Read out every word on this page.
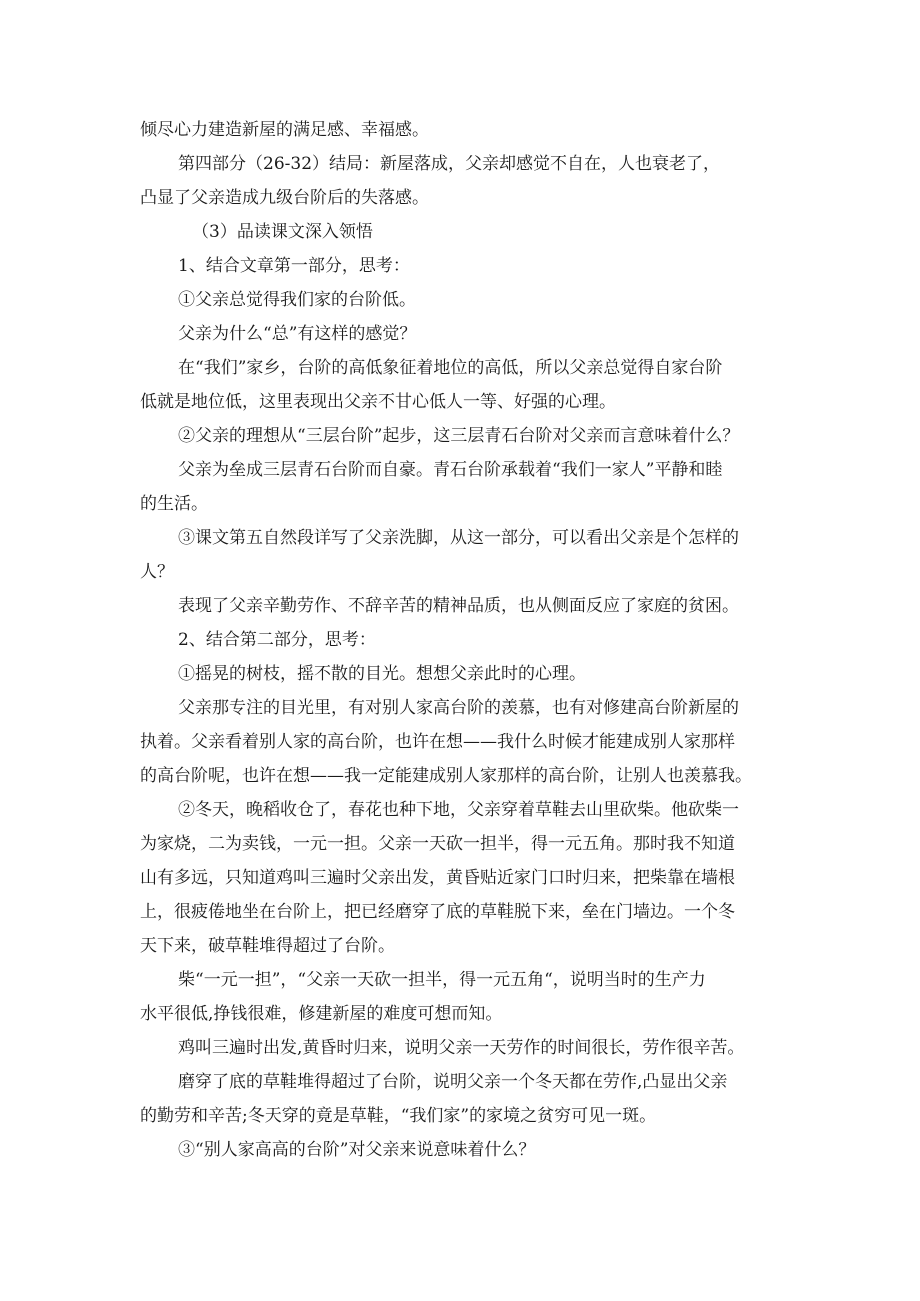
倾尽心力建造新屋的满足感、幸福感。
第四部分（26-32）结局：新屋落成，父亲却感觉不自在，人也衰老了，
凸显了父亲造成九级台阶后的失落感。
（3）品读课文深入领悟
1、结合文章第一部分，思考：
①父亲总觉得我们家的台阶低。
父亲为什么“总”有这样的感觉？
在“我们”家乡，台阶的高低象征着地位的高低，所以父亲总觉得自家台阶
低就是地位低，这里表现出父亲不甘心低人一等、好强的心理。
②父亲的理想从“三层台阶”起步，这三层青石台阶对父亲而言意味着什么？
父亲为垒成三层青石台阶而自豪。青石台阶承载着“我们一家人”平静和睦
的生活。
③课文第五自然段详写了父亲洗脚，从这一部分，可以看出父亲是个怎样的
人？
表现了父亲辛勤劳作、不辞辛苦的精神品质，也从侧面反应了家庭的贫困。
2、结合第二部分，思考：
①摇晃的树枝，摇不散的目光。想想父亲此时的心理。
父亲那专注的目光里，有对别人家高台阶的羡慕，也有对修建高台阶新屋的
执着。父亲看着别人家的高台阶，也许在想——我什么时候才能建成别人家那样
的高台阶呢，也许在想——我一定能建成别人家那样的高台阶，让别人也羡慕我。
②冬天，晚稻收仓了，春花也种下地，父亲穿着草鞋去山里砍柴。他砍柴一
为家烧，二为卖钱，一元一担。父亲一天砍一担半，得一元五角。那时我不知道
山有多远，只知道鸡叫三遍时父亲出发，黄昏贴近家门口时归来，把柴靠在墙根
上，很疲倦地坐在台阶上，把已经磨穿了底的草鞋脱下来，垒在门墙边。一个冬
天下来，破草鞋堆得超过了台阶。
柴“一元一担”，“父亲一天砍一担半，得一元五角“，说明当时的生产力
水平很低,挣钱很难，修建新屋的难度可想而知。
鸡叫三遍时出发,黄昏时归来，说明父亲一天劳作的时间很长，劳作很辛苦。
磨穿了底的草鞋堆得超过了台阶，说明父亲一个冬天都在劳作,凸显出父亲
的勤劳和辛苦;冬天穿的竟是草鞋，“我们家”的家境之贫穷可见一斑。
③“别人家高高的台阶”对父亲来说意味着什么？
